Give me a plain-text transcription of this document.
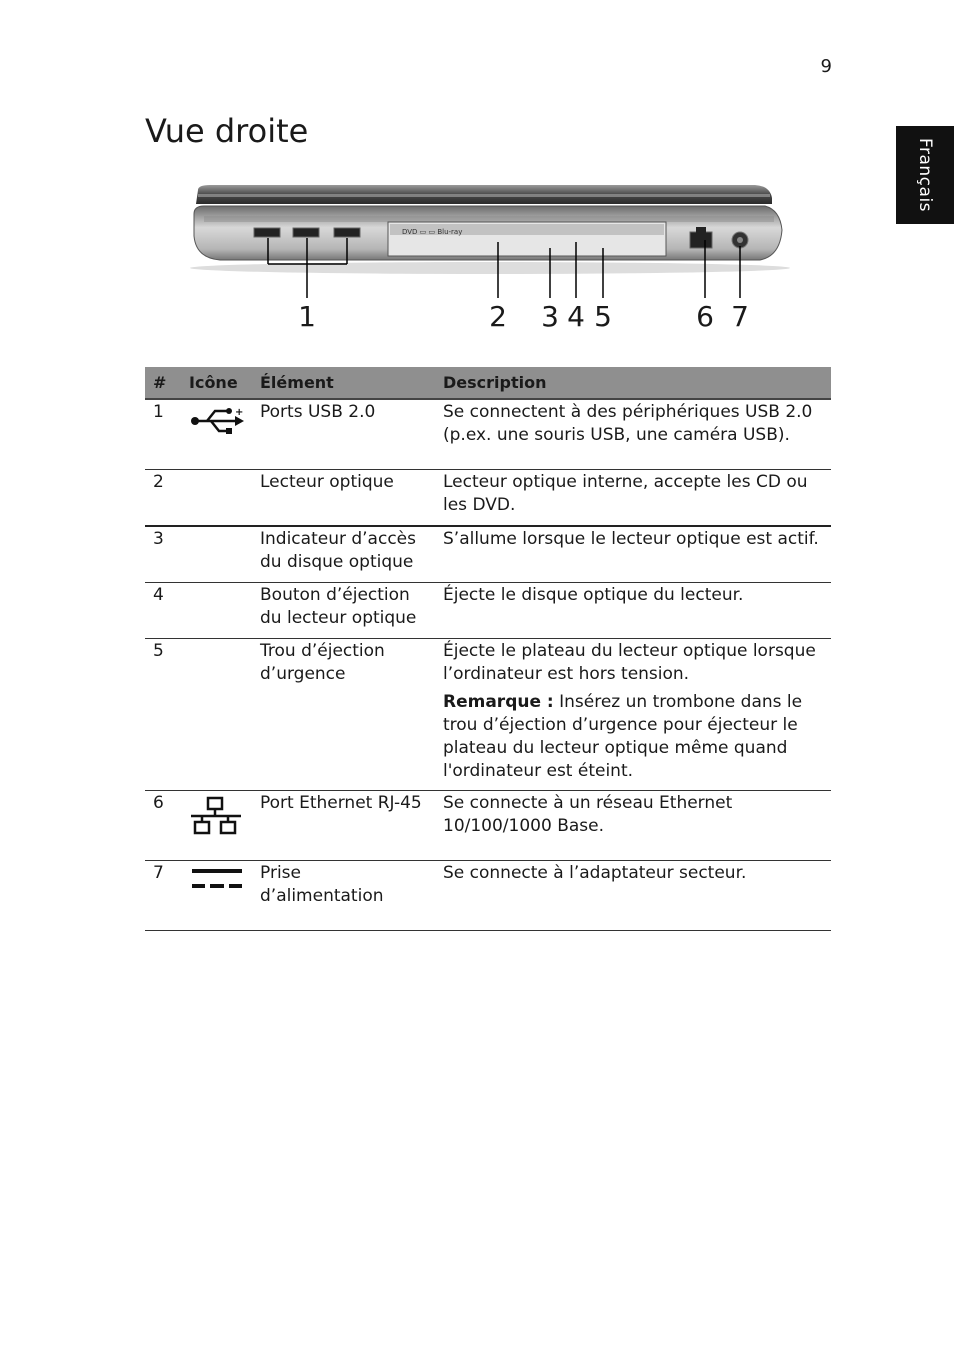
9
Français
Vue droite
DVD ▭ ▭ Blu-ray
1	2 3 4 5	6 7
#	Icône	Élément	Description
1	+	Ports USB 2.0	Se connectent à des périphériques USB 2.0 (p.ex. une souris USB, une caméra USB).
2		Lecteur optique	Lecteur optique interne, accepte les CD ou les DVD.
3		Indicateur d’accès du disque optique	S’allume lorsque le lecteur optique est actif.
4		Bouton d’éjection du lecteur optique	Éjecte le disque optique du lecteur.
5		Trou d’éjection d’urgence	Éjecte le plateau du lecteur optique lorsque l’ordinateur est hors tension.
Remarque : Insérez un trombone dans le trou d’éjection d’urgence pour éjecteur le plateau du lecteur optique même quand l'ordinateur est éteint.

6		Port Ethernet RJ-45	Se connecte à un réseau Ethernet 10/100/1000 Base.
7		Prise d’alimentation	Se connecte à l’adaptateur secteur.
